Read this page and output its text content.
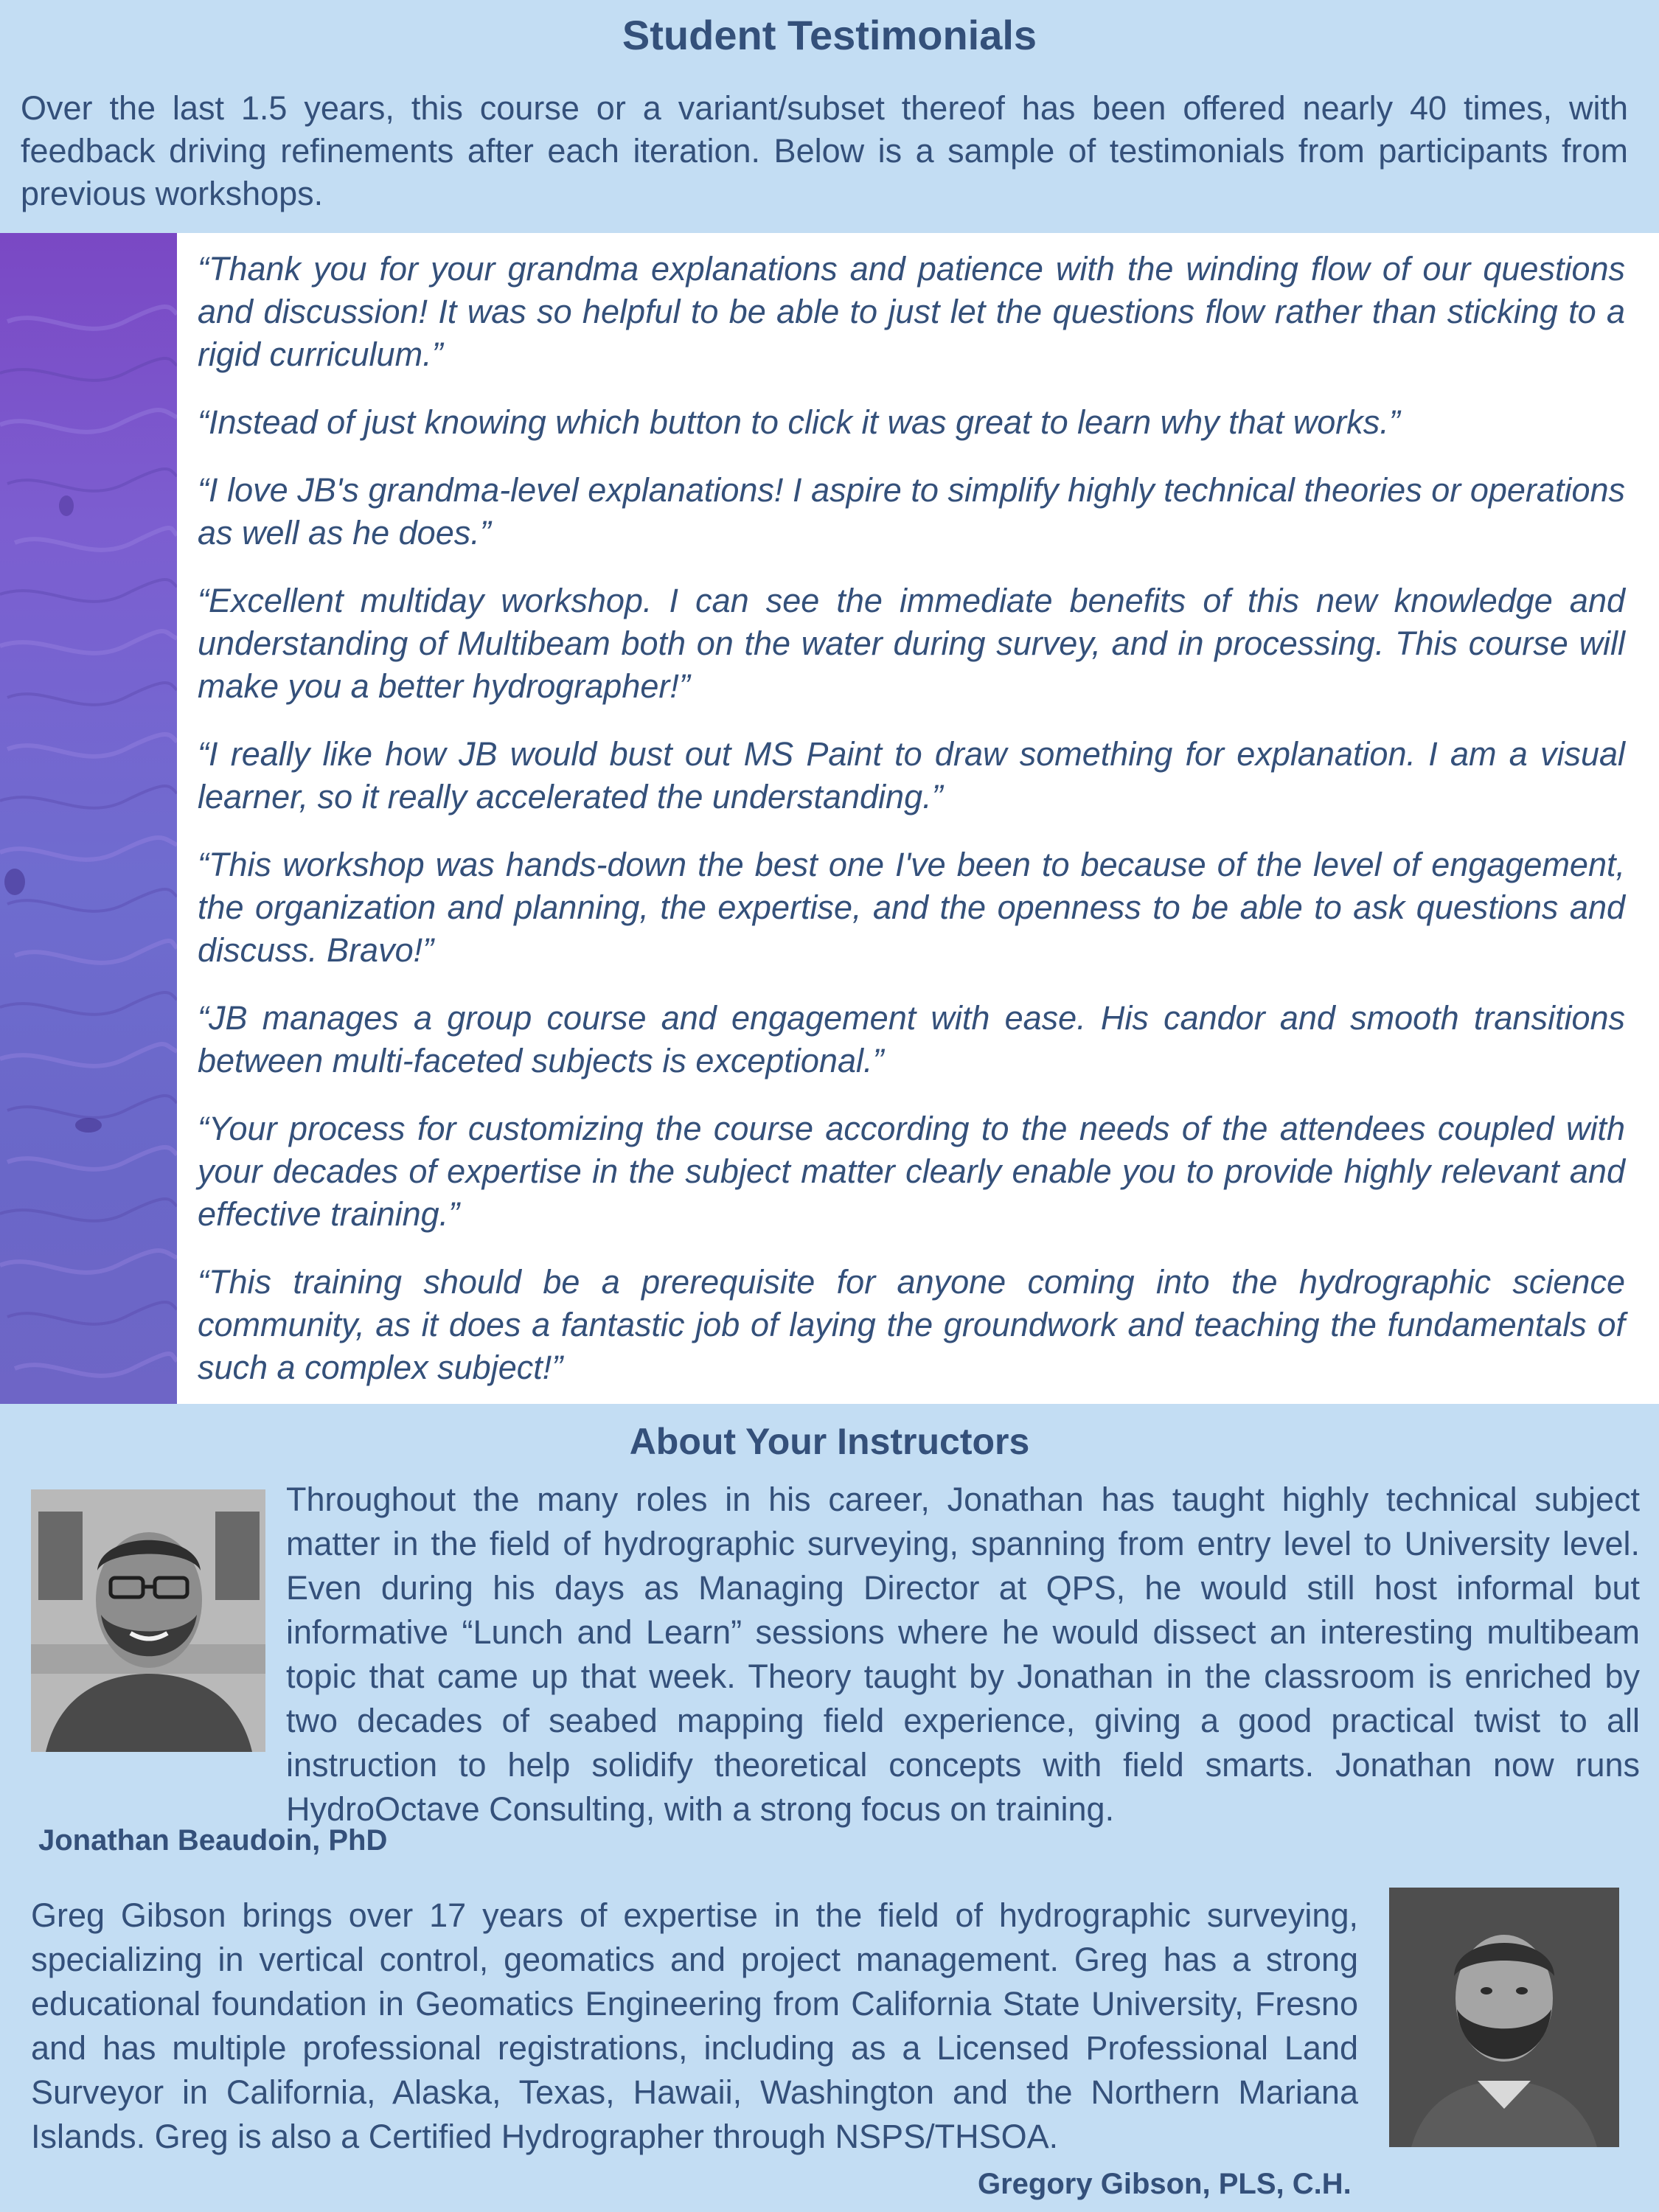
Student Testimonials
Over the last 1.5 years, this course or a variant/subset thereof has been offered nearly 40 times, with feedback driving refinements after each iteration. Below is a sample of testimonials from participants from previous workshops.

“Thank you for your grandma explanations and patience with the winding flow of our questions and discussion! It was so helpful to be able to just let the questions flow rather than sticking to a rigid curriculum.”

“Instead of just knowing which button to click it was great to learn why that works.”

“I love JB's grandma-level explanations! I aspire to simplify highly technical theories or operations as well as he does.”

“Excellent multiday workshop. I can see the immediate benefits of this new knowledge and understanding of Multibeam both on the water during survey, and in processing. This course will make you a better hydrographer!”

“I really like how JB would bust out MS Paint to draw something for explanation. I am a visual learner, so it really accelerated the understanding.”

“This workshop was hands-down the best one I've been to because of the level of engagement, the organization and planning, the expertise, and the openness to be able to ask questions and discuss. Bravo!”

“JB manages a group course and engagement with ease. His candor and smooth transitions between multi-faceted subjects is exceptional.”

“Your process for customizing the course according to the needs of the attendees coupled with your decades of expertise in the subject matter clearly enable you to provide highly relevant and effective training.”

“This training should be a prerequisite for anyone coming into the hydrographic science community, as it does a fantastic job of laying the groundwork and teaching the fundamentals of such a complex subject!”

About Your Instructors
Throughout the many roles in his career, Jonathan has taught highly technical subject matter in the field of hydrographic surveying, spanning from entry level to University level. Even during his days as Managing Director at QPS, he would still host informal but informative “Lunch and Learn” sessions where he would dissect an interesting multibeam topic that came up that week. Theory taught by Jonathan in the classroom is enriched by two decades of seabed mapping field experience, giving a good practical twist to all instruction to help solidify theoretical concepts with field smarts. Jonathan now runs HydroOctave Consulting, with a strong focus on training.
Jonathan Beaudoin, PhD
Greg Gibson brings over 17 years of expertise in the field of hydrographic surveying, specializing in vertical control, geomatics and project management. Greg has a strong educational foundation in Geomatics Engineering from California State University, Fresno and has multiple professional registrations, including as a Licensed Professional Land Surveyor in California, Alaska, Texas, Hawaii, Washington and the Northern Mariana Islands. Greg is also a Certified Hydrographer through NSPS/THSOA.
Gregory Gibson, PLS, C.H.
